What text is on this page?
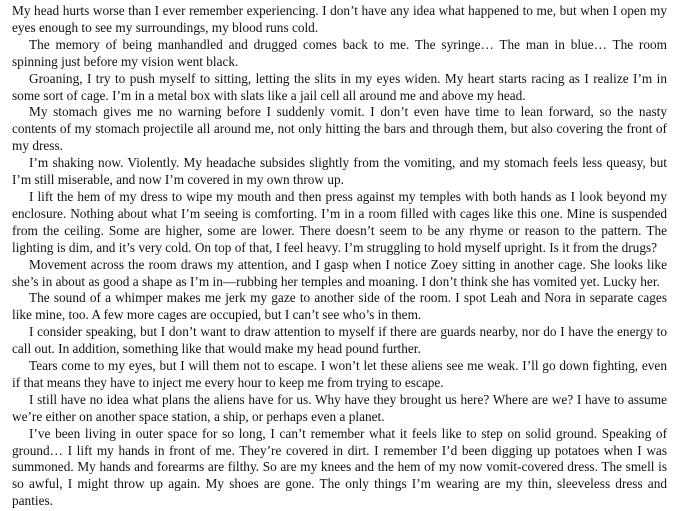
My head hurts worse than I ever remember experiencing. I don’t have any idea what happened to me, but when I open my eyes enough to see my surroundings, my blood runs cold.

The memory of being manhandled and drugged comes back to me. The syringe… The man in blue… The room spinning just before my vision went black.

Groaning, I try to push myself to sitting, letting the slits in my eyes widen. My heart starts racing as I realize I’m in some sort of cage. I’m in a metal box with slats like a jail cell all around me and above my head.

My stomach gives me no warning before I suddenly vomit. I don’t even have time to lean forward, so the nasty contents of my stomach projectile all around me, not only hitting the bars and through them, but also covering the front of my dress.

I’m shaking now. Violently. My headache subsides slightly from the vomiting, and my stomach feels less queasy, but I’m still miserable, and now I’m covered in my own throw up.

I lift the hem of my dress to wipe my mouth and then press against my temples with both hands as I look beyond my enclosure. Nothing about what I’m seeing is comforting. I’m in a room filled with cages like this one. Mine is suspended from the ceiling. Some are higher, some are lower. There doesn’t seem to be any rhyme or reason to the pattern. The lighting is dim, and it’s very cold. On top of that, I feel heavy. I’m struggling to hold myself upright. Is it from the drugs?

Movement across the room draws my attention, and I gasp when I notice Zoey sitting in another cage. She looks like she’s in about as good a shape as I’m in—rubbing her temples and moaning. I don’t think she has vomited yet. Lucky her.

The sound of a whimper makes me jerk my gaze to another side of the room. I spot Leah and Nora in separate cages like mine, too. A few more cages are occupied, but I can’t see who’s in them.

I consider speaking, but I don’t want to draw attention to myself if there are guards nearby, nor do I have the energy to call out. In addition, something like that would make my head pound further.

Tears come to my eyes, but I will them not to escape. I won’t let these aliens see me weak. I’ll go down fighting, even if that means they have to inject me every hour to keep me from trying to escape.

I still have no idea what plans the aliens have for us. Why have they brought us here? Where are we? I have to assume we’re either on another space station, a ship, or perhaps even a planet.

I’ve been living in outer space for so long, I can’t remember what it feels like to step on solid ground. Speaking of ground… I lift my hands in front of me. They’re covered in dirt. I remember I’d been digging up potatoes when I was summoned. My hands and forearms are filthy. So are my knees and the hem of my now vomit-covered dress. The smell is so awful, I might throw up again. My shoes are gone. The only things I’m wearing are my thin, sleeveless dress and panties.
